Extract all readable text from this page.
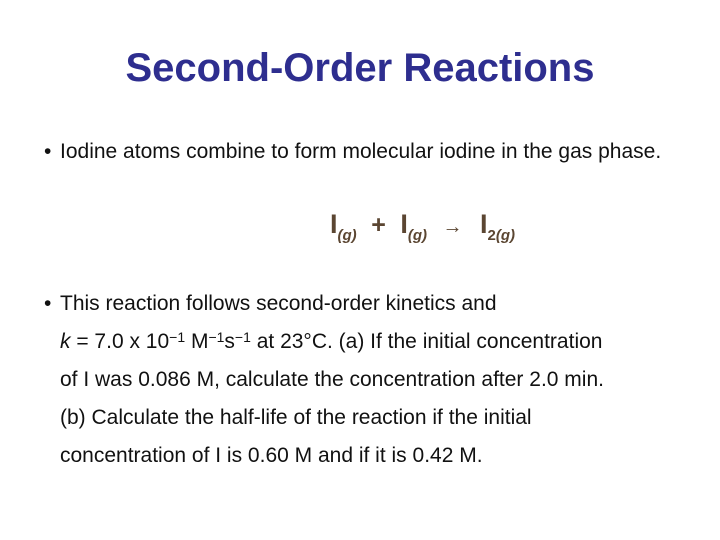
Second-Order Reactions
• Iodine atoms combine to form molecular iodine in the gas phase.
$I_{(g)} + I_{(g)} \to I_{2(g)}$
• This reaction follows second-order kinetics and
k = 7.0 x $10^{-1}$ $M^{-1}s^{-1}$ at 23°C. (a) If the initial concentration
of I was 0.086 M, calculate the concentration after 2.0 min.
(b) Calculate the half-life of the reaction if the initial
concentration of I is 0.60 M and if it is 0.42 M.
